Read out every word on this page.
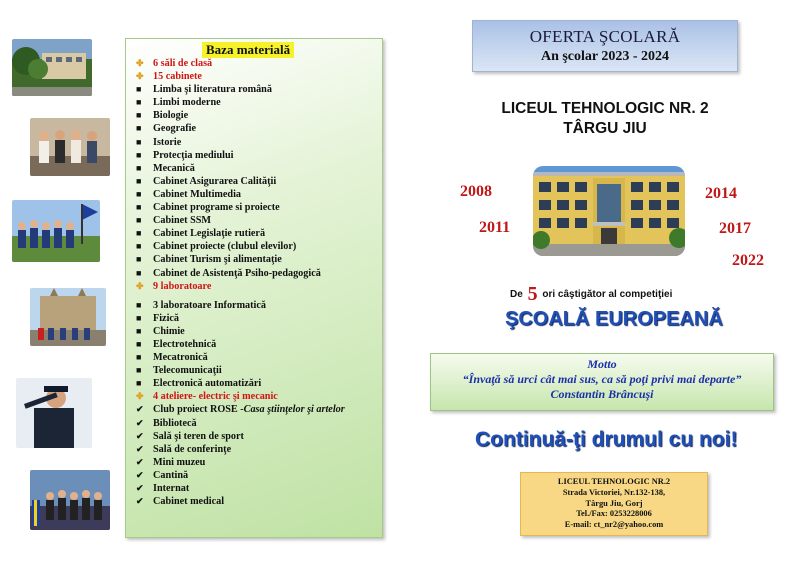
Baza materială
✤ 6 săli de clasă
✤ 15 cabinete
■	Limba şi literatura română
■	Limbi moderne
■	Biologie
■	Geografie
■	Istorie
■	Protecţia mediului
■	Mecanică
■	Cabinet Asigurarea Calităţii
■	Cabinet Multimedia
■	Cabinet programe si proiecte
■	Cabinet SSM
■	Cabinet Legislaţie rutieră
■	Cabinet proiecte (clubul elevilor)
■	Cabinet Turism şi alimentaţie
■	Cabinet de Asistenţă Psiho-pedagogică
✤ 9 laboratoare
■	3 laboratoare Informatică
■	Fizică
■	Chimie
■	Electrotehnică
■	Mecatronică
■	Telecomunicaţii
■	Electronică automatizări
✤ 4 ateliere- electric şi mecanic
✔ Club proiect ROSE - Casa ştiinţelor şi artelor
✔ Bibliotecă
✔ Sală şi teren de sport
✔ Sală de conferinţe
✔ Mini muzeu
✔ Cantină
✔ Internat
✔ Cabinet medical
OFERTA ŞCOLARĂ
An şcolar 2023 - 2024
LICEUL TEHNOLOGIC NR. 2
TÂRGU JIU
2008
2011
2014
2017
2022
De 5 ori câştigător al competiţiei
ŞCOALĂ EUROPEANĂ
Motto
“Învaţă să urci cât mai sus, ca să poţi privi mai departe”
Constantin Brâncuşi
Continuă-ţi drumul cu noi!
LICEUL TEHNOLOGIC NR.2
Strada Victoriei, Nr.132-138,
Târgu Jiu, Gorj
Tel./Fax: 0253228006
E-mail: ct_nr2@yahoo.com
